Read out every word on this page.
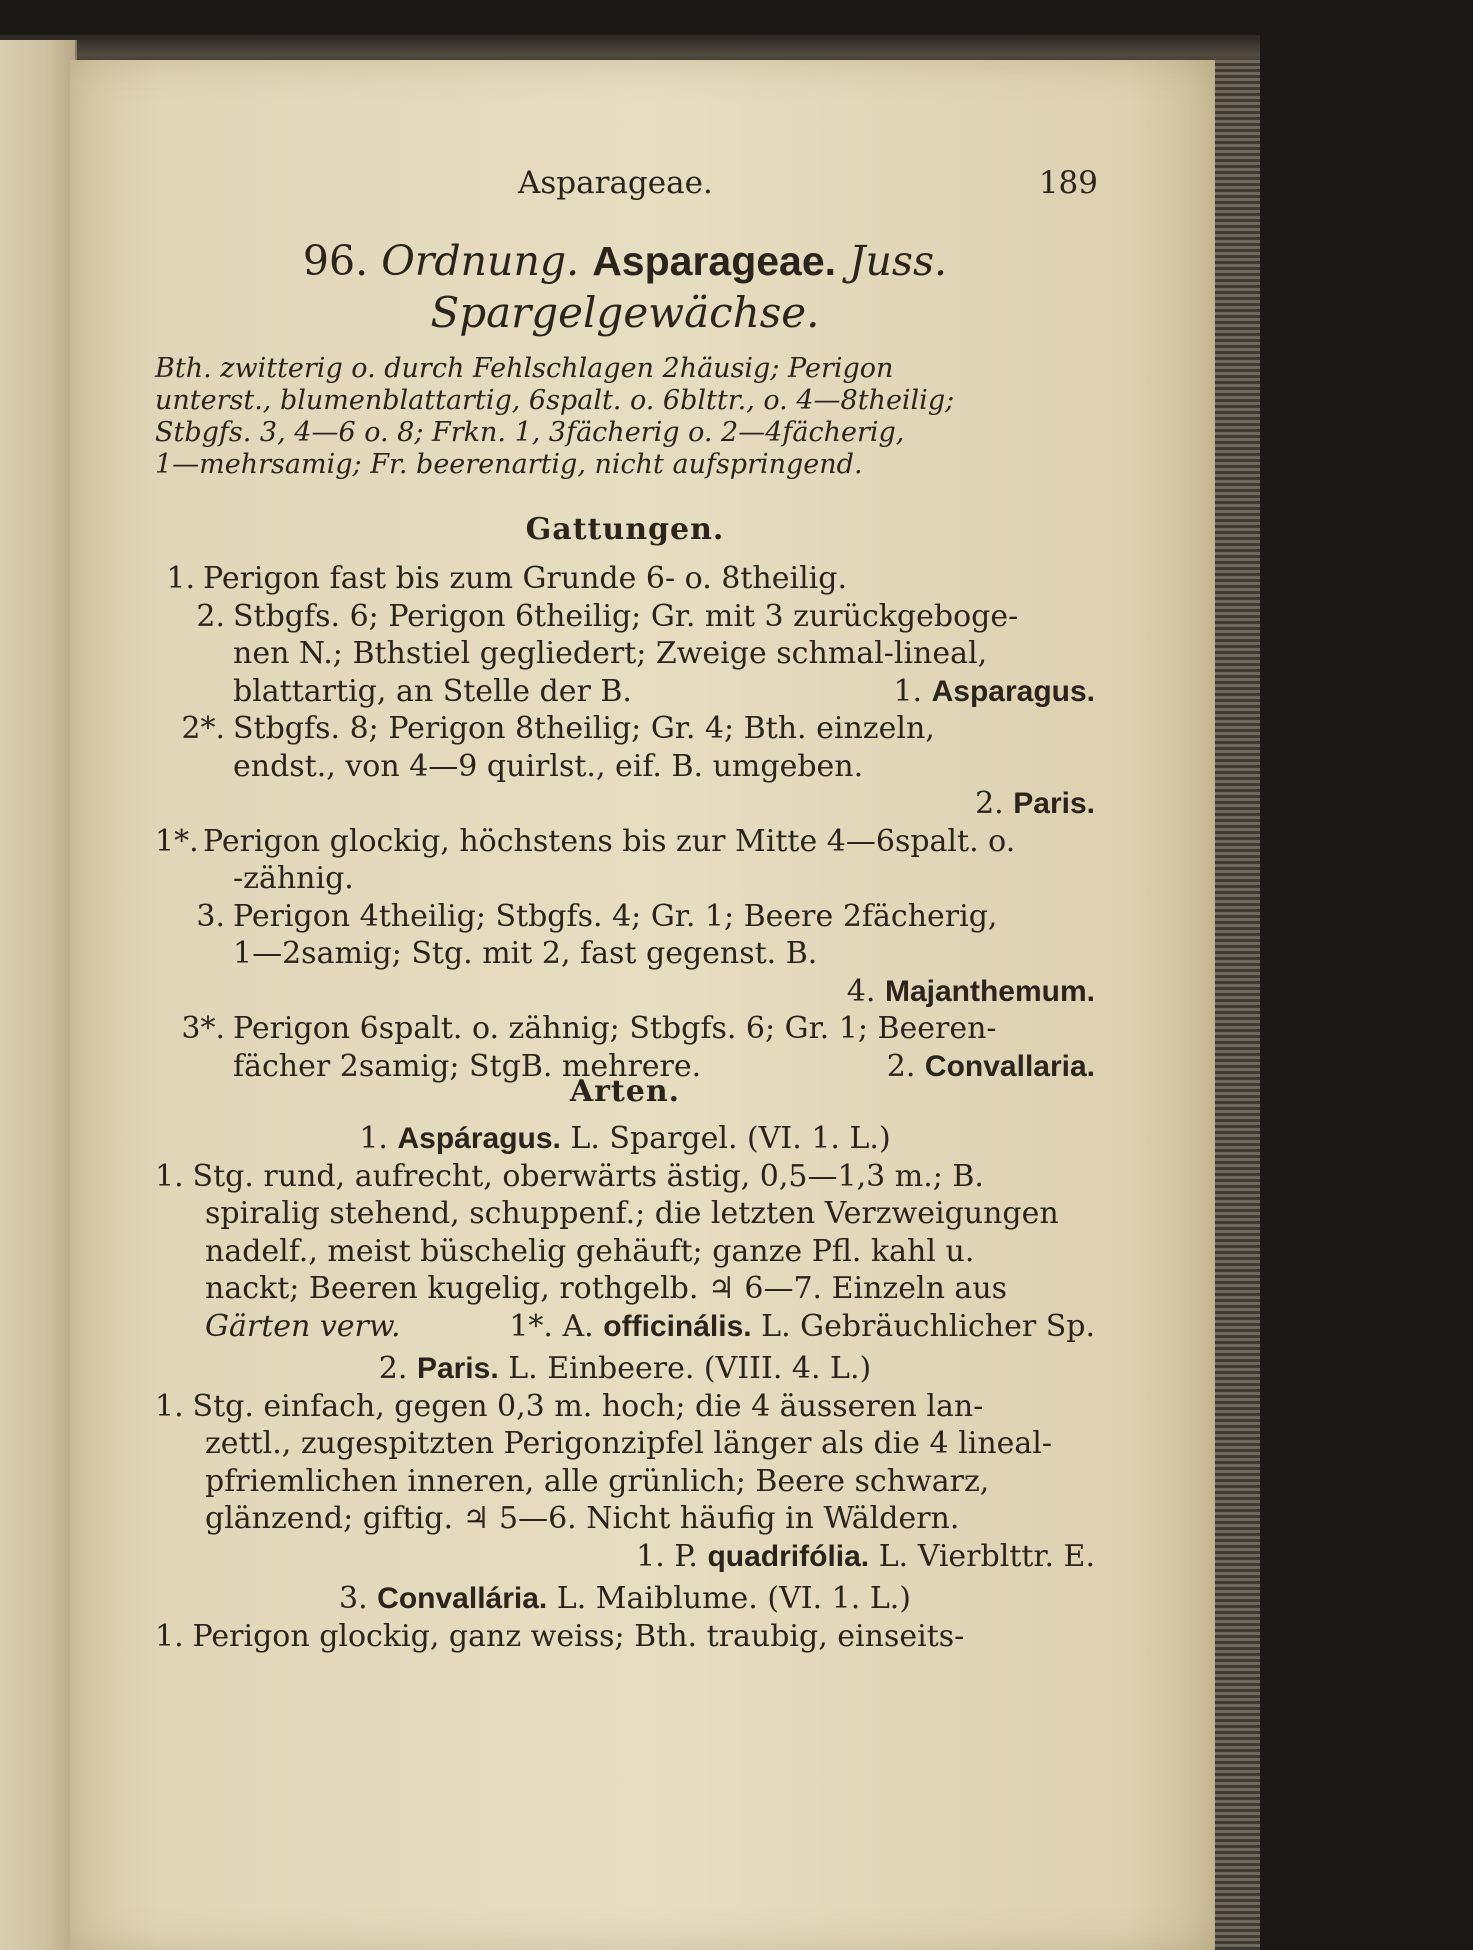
Asparageae.	189
96. Ordnung. Asparageae. Juss.
Spargelgewächse.
Bth. zwitterig o. durch Fehlschlagen 2häusig; Perigon
unterst., blumenblattartig, 6spalt. o. 6blttr., o. 4—8theilig;
Stbgfs. 3, 4—6 o. 8; Frkn. 1, 3fächerig o. 2—4fächerig,
1—mehrsamig; Fr. beerenartig, nicht aufspringend.
Gattungen.
1. Perigon fast bis zum Grunde 6- o. 8theilig.
2. Stbgfs. 6; Perigon 6theilig; Gr. mit 3 zurückgeboge-
nen N.; Bthstiel gegliedert; Zweige schmal-lineal,
blattartig, an Stelle der B.	1. Asparagus.
2*. Stbgfs. 8; Perigon 8theilig; Gr. 4; Bth. einzeln,
endst., von 4—9 quirlst., eif. B. umgeben.
2. Paris.
1*. Perigon glockig, höchstens bis zur Mitte 4—6spalt. o.
-zähnig.
3. Perigon 4theilig; Stbgfs. 4; Gr. 1; Beere 2fächerig,
1—2samig; Stg. mit 2, fast gegenst. B.
4. Majanthemum.
3*. Perigon 6spalt. o. zähnig; Stbgfs. 6; Gr. 1; Beeren-
fächer 2samig; StgB. mehrere.	2. Convallaria.
Arten.
1. Aspáragus. L. Spargel. (VI. 1. L.)
1. Stg. rund, aufrecht, oberwärts ästig, 0,5—1,3 m.; B.
spiralig stehend, schuppenf.; die letzten Verzweigungen
nadelf., meist büschelig gehäuft; ganze Pfl. kahl u.
nackt; Beeren kugelig, rothgelb. ♃ 6—7. Einzeln aus
Gärten verw.	1*. A. officinális. L. Gebräuchlicher Sp.
2. Paris. L. Einbeere. (VIII. 4. L.)
1. Stg. einfach, gegen 0,3 m. hoch; die 4 äusseren lan-
zettl., zugespitzten Perigonzipfel länger als die 4 lineal-
pfriemlichen inneren, alle grünlich; Beere schwarz,
glänzend; giftig. ♃ 5—6. Nicht häufig in Wäldern.
1. P. quadrifólia. L. Vierblttr. E.
3. Convallária. L. Maiblume. (VI. 1. L.)
1. Perigon glockig, ganz weiss; Bth. traubig, einseits-
